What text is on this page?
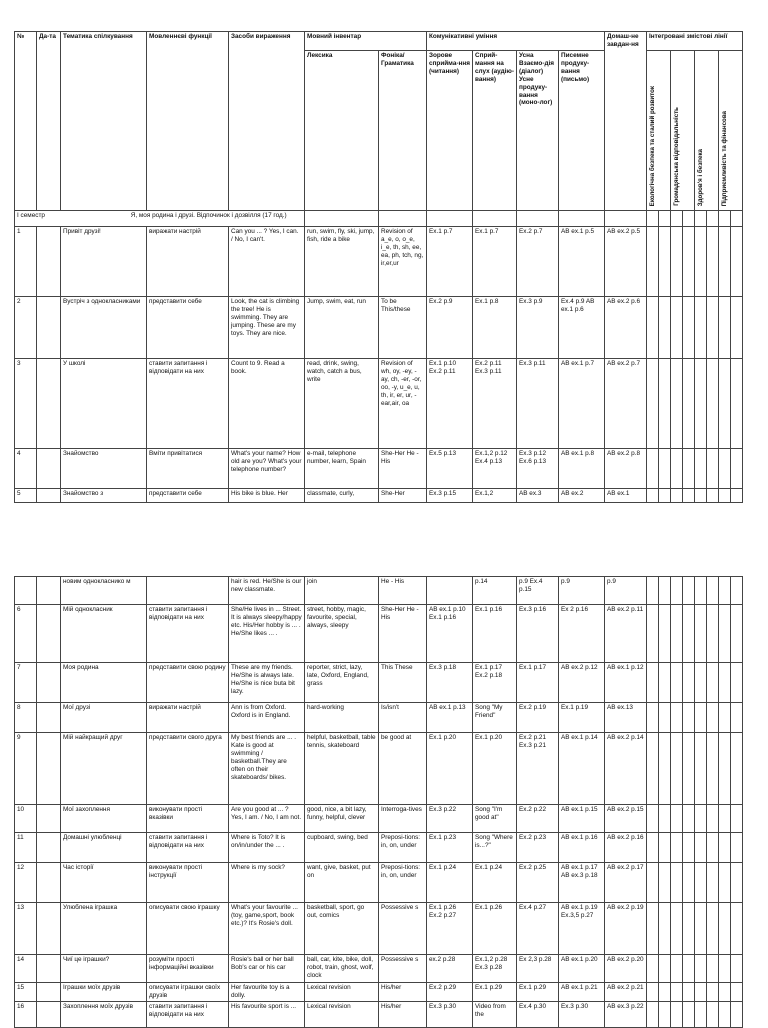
№	Да-та	Тематика спілкування	Мовленнєві функції	Засоби вираження	Мовний інвентар		Комунікативні уміння				Домаш-не завдан-ня	Інтегровані змістові лінії							
					Лексика	Фоніка/Граматика	Зорове сприйма-ння (читання)	Сприй-мання на слух (аудію-вання)	Усна Взаємо-дія (діалог) Усне продуку-вання (моно-лог)	Писемне продуку-вання (письмо)		Екологічна безпека та сталий розвиток		Громадянська відповідальність		Здоров'я і безпека		Підприємливість та фінансова	
І семестр Я, моя родина і друзі. Відпочинок і дозвілля (17 год.)																			
1		Привіт друзі!	виражати настрій	Can you ... ? Yes, I can. / No, I can't.	run, swim, fly, ski, jump, fish, ride a bike	Revision of a_e, o, o_e, i_e, th, sh, ee, ea, ph, tch, ng, ir,er,ur	Ex.1 p.7	Ex.1 p.7	Ex.2 p.7	AB ex.1 p.5	AB ex.2 p.5								
2		Вустріч з однокласниками	представити себе	Look, the cat is climbing the tree! He is swimming. They are jumping. These are my toys. They are nice.	Jump, swim, eat, run	To be This/these	Ex.2 p.9	Ex.1 p.8	Ex.3 p.9	Ex.4 p.9 AB ex.1 p.6	AB ex.2 p.6								
3		У школі	ставити запитання і відповідати на них	Count to 9. Read a book.	read, drink, swing, watch, catch a bus, write	Revision of wh, oy, -ey, -ay, ch, -er, -or, oo, -y, u_e, u, th, ir, er, ur, -ear,air, oa	Ex.1 p.10 Ex.2 p.11	Ex.2 p.11 Ex.3 p.11	Ex.3 p.11	AB ex.1 p.7	AB ex.2 p.7								
4		Знайомство	Вміти привітатися	What's your name? How old are you? What's your telephone number?	e-mail, telephone number, learn, Spain	She-Her He - His	Ex.5 p.13	Ex.1,2 p.12 Ex.4 p.13	Ex.3 p.12 Ex.6 p.13	AB ex.1 p.8	AB ex.2 p.8								
5		Знайомство з	представити себе	His bike is blue. Her	classmate, curly,	She-Her	Ex.3 p.15	Ex.1,2	AB ex.3	AB ex.2	AB ex.1								
		новим однокласнико м		hair is red. He/She is our new classmate.	join	He - His		p.14	p.9 Ex.4 p.15	p.9	p.9								
6		Мій однокласник	ставити запитання і відповідати на них	She/He lives in ... Street. It is always sleepy/happy etc. His/Her hobby is ... . He/She likes ... .	street, hobby, magic, favourite, special, always, sleepy	She-Her He - His	AB ex.1 p.10 Ex.1 p.16	Ex.1 p.16	Ex.3 p.16	Ex 2 p.16	AB ex.2 p.11								
7		Моя родина	представити свою родину	These are my friends. He/She is always late. He/She is nice buta bit lazy.	reporter, strict, lazy, late, Oxford, England, grass	This These	Ex.3 p.18	Ex.1 p.17 Ex.2 p.18	Ex.1 p.17	AB ex.2 p.12	AB ex.1 p.12								
8		Мої друзі	виражати настрій	Ann is from Oxford. Oxford is in England.	hard-working	Is/isn't	AB ex.1 p.13	Song "My Friend"	Ex.2 p.19	Ex.1 p.19	AB ex.13								
9		Мій найкращий друг	представити свого друга	My best friends are ... . Kate is good at swimming / basketball.They are often on their skateboards/ bikes.	helpful, basketball, table tennis, skateboard	be good at	Ex.1 p.20	Ex.1 p.20	Ex.2 p.21 Ex.3 p.21	AB ex.1 p.14	AB ex.2 p.14								
10		Мої захоплення	виконувати прості вказівки	Are you good at ... ? Yes, I am. / No, I am not.	good, nice, a bit lazy, funny, helpful, clever	Interroga-tives	Ex.3 p.22	Song "I'm good at"	Ex.2 p.22	AB ex.1 p.15	AB ex.2 p.15								
11		Домашні улюбленці	ставити запитання і відповідати на них	Where is Toto? It is on/in/under the ... .	cupboard, swing, bed	Preposi-tions: in, on, under	Ex.1 p.23	Song "Where is...?"	Ex.2 p.23	AB ex.1 p.16	AB ex.2 p.16								
12		Час історії	виконувати прості інструкції	Where is my sock?	want, give, basket, put on	Preposi-tions: in, on, under	Ex.1 p.24	Ex.1 p.24	Ex.2 p.25	AB ex.1 p.17 AB ex.3 p.18	AB ex.2 p.17								
13		Улюблена іграшка	описувати свою іграшку	What's your favourite ... (toy, game,sport, book etc.)? It's Rosie's doll.	basketball, sport, go out, comics	Possessive s	Ex.1 p.26 Ex.2 p.27	Ex.1 p.26	Ex.4 p.27	AB ex.1 p.19 Ex.3,5 p.27	AB ex.2 p.19								
14		Чиї це іграшки?	розуміти прості інформаційні вказівки	Rosie's ball or her ball Bob's car or his car	ball, car, kite, bike, doll, robot, train, ghost, wolf, clock	Possessive s	ex.2 p.28	Ex.1,2 p.28 Ex.3 p.28	Ex 2,3 p.28	AB ex.1 p.20	AB ex.2 p.20								
15		Іграшки моїх друзів	описувати іграшки своїх друзів	Her favourite toy is a dolly.	Lexical revision	His/her	Ex.2 p.29	Ex.1 p.29	Ex.1 p.29	AB ex.1 p.21	AB ex.2 p.21								
16		Захоплення моїх друзів	ставити запитання і відповідати на них	His favourite sport is ...	Lexical revision	His/her	Ex.3 p.30	Video from the	Ex.4 p.30	Ex.3 p.30	AB ex.3 p.22								
